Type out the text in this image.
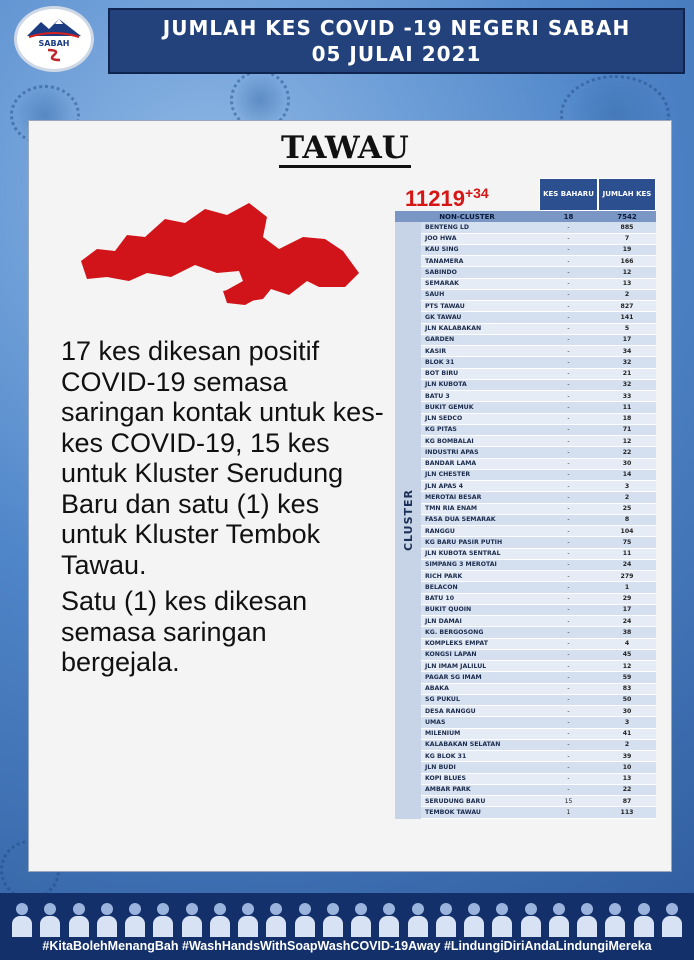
SABAH
JUMLAH KES COVID -19 NEGERI SABAH
05 JULAI 2021
TAWAU

17 kes dikesan positif COVID-19 semasa saringan kontak untuk kes-kes COVID-19, 15 kes untuk Kluster Serudung Baru dan satu (1) kes untuk Kluster Tembok Tawau.

Satu (1) kes dikesan semasa saringan bergejala.

$11219^{+34}$	KES BAHARU	JUMLAH KES
NON-CLUSTER	18	7542
CLUSTER
BENTENG LD	-	885
JOO HWA	-	7
KAU SING	-	19
TANAMERA	-	166
SABINDO	-	12
SEMARAK	-	13
SAUH	-	2
PTS TAWAU	-	827
GK TAWAU	-	141
JLN KALABAKAN	-	5
GARDEN	-	17
KASIR	-	34
BLOK 31	-	32
BOT BIRU	-	21
JLN KUBOTA	-	32
BATU 3	-	33
BUKIT GEMUK	-	11
JLN SEDCO	-	18
KG PITAS	-	71
KG BOMBALAI	-	12
INDUSTRI APAS	-	22
BANDAR LAMA	-	30
JLN CHESTER	-	14
JLN APAS 4	-	3
MEROTAI BESAR	-	2
TMN RIA ENAM	-	25
FASA DUA SEMARAK	-	8
RANGGU	-	104
KG BARU PASIR PUTIH	-	75
JLN KUBOTA SENTRAL	-	11
SIMPANG 3 MEROTAI	-	24
RICH PARK	-	279
BELACON	-	1
BATU 10	-	29
BUKIT QUOIN	-	17
JLN DAMAI	-	24
KG. BERGOSONG	-	38
KOMPLEKS EMPAT	-	4
KONGSI LAPAN	-	45
JLN IMAM JALILUL	-	12
PAGAR SG IMAM	-	59
ABAKA	-	83
SG PUKUL	-	50
DESA RANGGU	-	30
UMAS	-	3
MILENIUM	-	41
KALABAKAN SELATAN	-	2
KG BLOK 31	-	39
JLN BUDI	-	10
KOPI BLUES	-	13
AMBAR PARK	-	22
SERUDUNG BARU	15	87
TEMBOK TAWAU	1	113
#KitaBolehMenangBah #WashHandsWithSoapWashCOVID-19Away #LindungiDiriAndaLindungiMereka
